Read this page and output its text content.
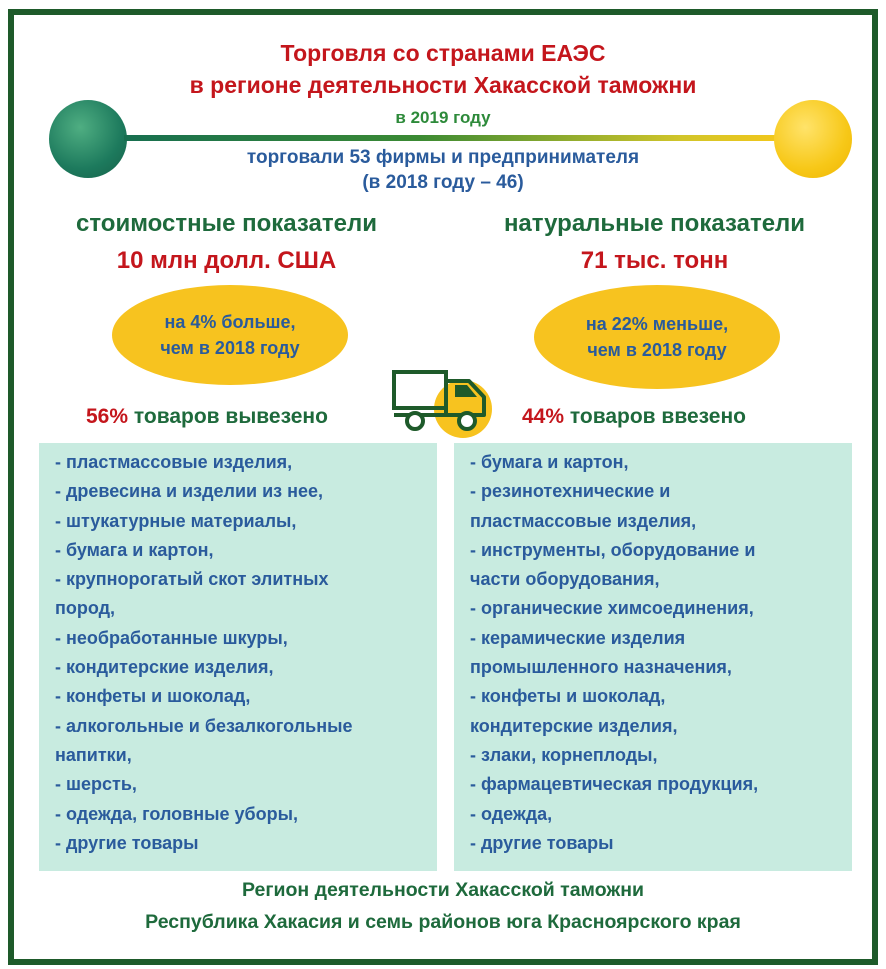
Торговля со странами ЕАЭС
в регионе деятельности Хакасской таможни
в 2019 году
торговали 53 фирмы и предпринимателя
(в 2018 году – 46)
стоимостные показатели
10 млн долл. США
натуральные показатели
71 тыс. тонн
на 4% больше,
чем в 2018 году
на 22% меньше,
чем в 2018 году
56% товаров вывезено	44% товаров ввезено
- пластмассовые изделия,
- древесина и изделии из нее,
- штукатурные материалы,
- бумага и картон,
- крупнорогатый скот элитных
пород,
- необработанные шкуры,
- кондитерские изделия,
- конфеты и шоколад,
- алкогольные и безалкогольные
напитки,
- шерсть,
- одежда, головные уборы,
- другие товары
- бумага и картон,
- резинотехнические и
пластмассовые изделия,
- инструменты, оборудование и
части оборудования,
- органические химсоединения,
- керамические изделия
промышленного назначения,
- конфеты и шоколад,
кондитерские изделия,
- злаки, корнеплоды,
- фармацевтическая продукция,
- одежда,
- другие товары
Регион деятельности Хакасской таможни
Республика Хакасия и семь районов юга Красноярского края
